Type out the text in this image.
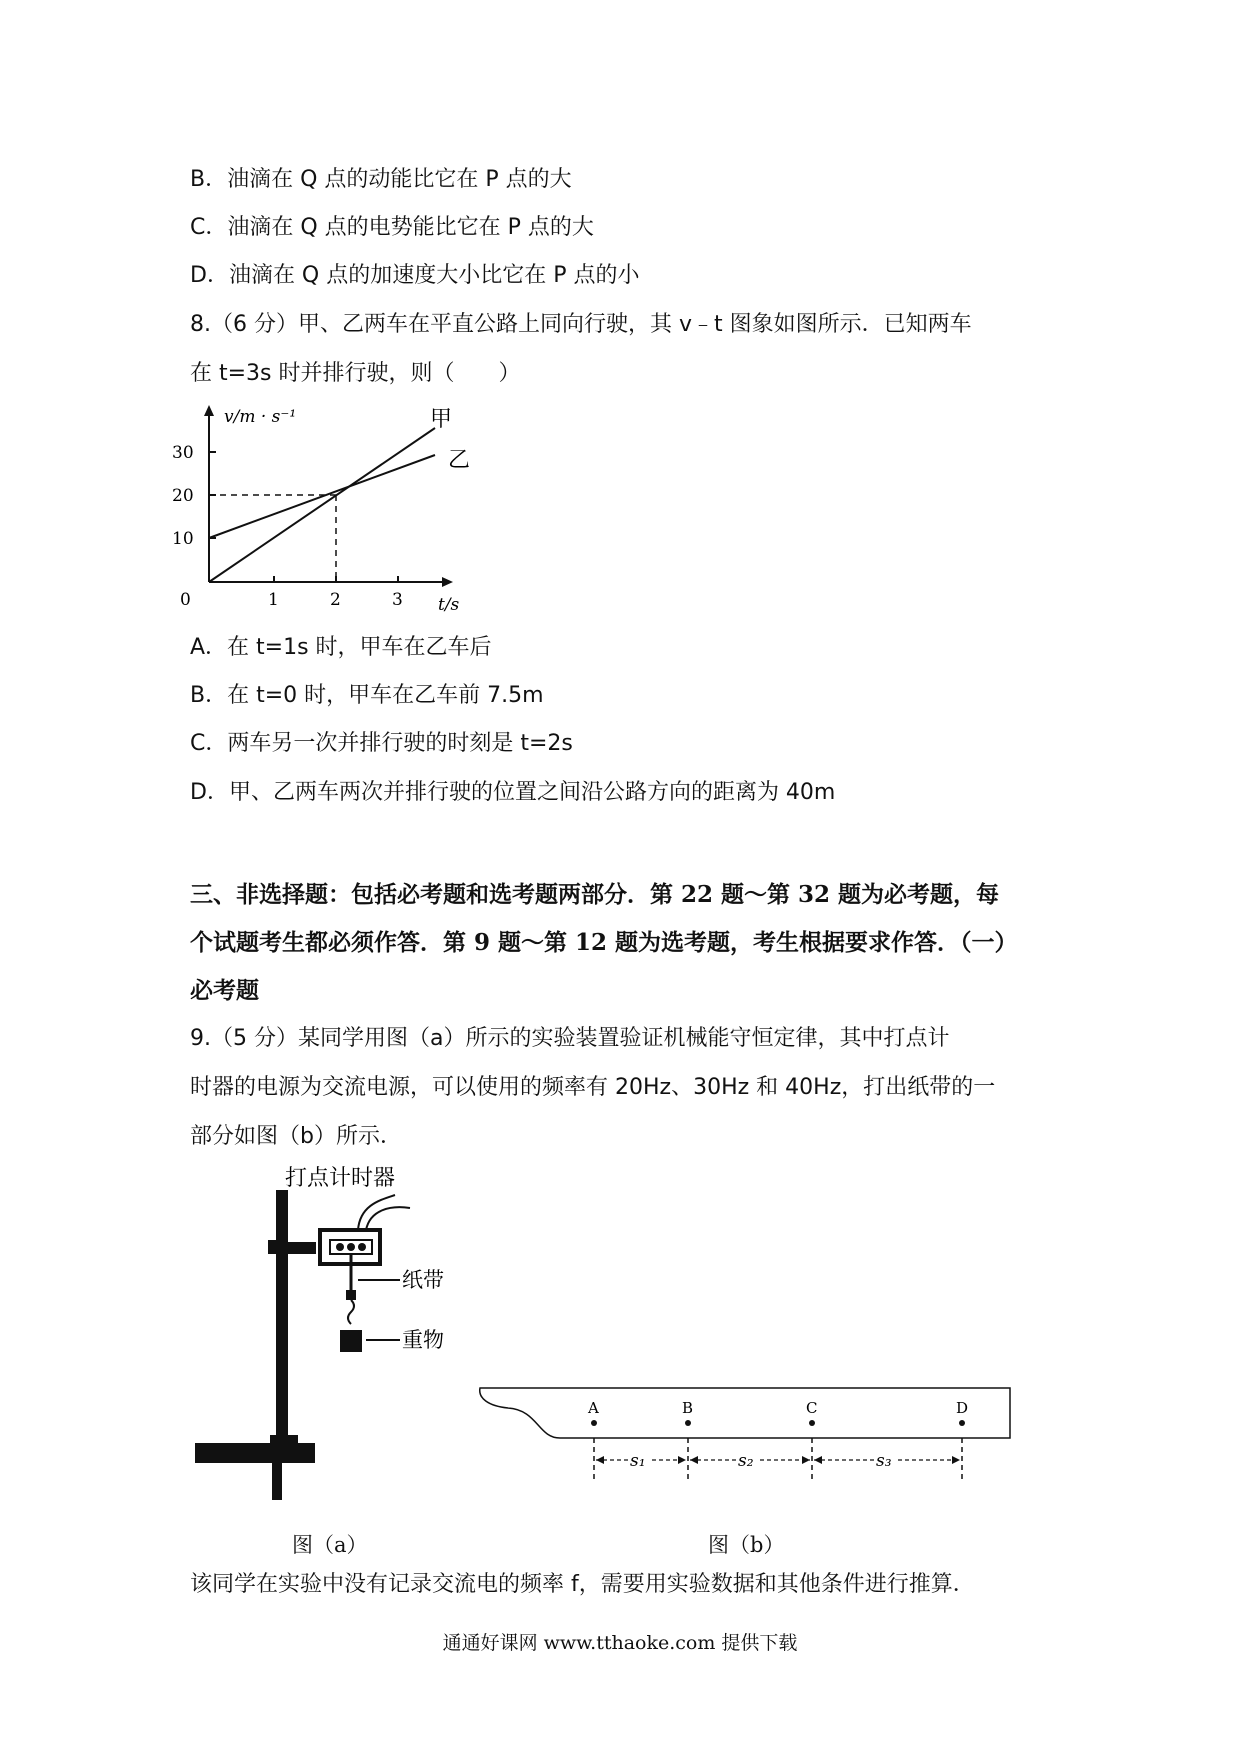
B．油滴在 Q 点的动能比它在 P 点的大
C．油滴在 Q 点的电势能比它在 P 点的大
D．油滴在 Q 点的加速度大小比它在 P 点的小
8.（6 分）甲、乙两车在平直公路上同向行驶，其 v﹣t 图象如图所示．已知两车
在 t=3s 时并排行驶，则（　　）
v/m · s⁻¹
30
20
10
0	1	2	3 t/s
甲
乙
A．在 t=1s 时，甲车在乙车后
B．在 t=0 时，甲车在乙车前 7.5m
C．两车另一次并排行驶的时刻是 t=2s
D．甲、乙两车两次并排行驶的位置之间沿公路方向的距离为 40m
三、非选择题：包括必考题和选考题两部分．第 22 题～第 32 题为必考题，每
个试题考生都必须作答．第 9 题～第 12 题为选考题，考生根据要求作答．（一）
必考题
9.（5 分）某同学用图（a）所示的实验装置验证机械能守恒定律，其中打点计
时器的电源为交流电源，可以使用的频率有 20Hz、30Hz 和 40Hz，打出纸带的一
部分如图（b）所示．
打点计时器
纸带
重物
A	B	C	D
s₁	s₂	s₃
图（a）	图（b）
该同学在实验中没有记录交流电的频率 f，需要用实验数据和其他条件进行推算．
通通好课网 www.tthaoke.com 提供下载
